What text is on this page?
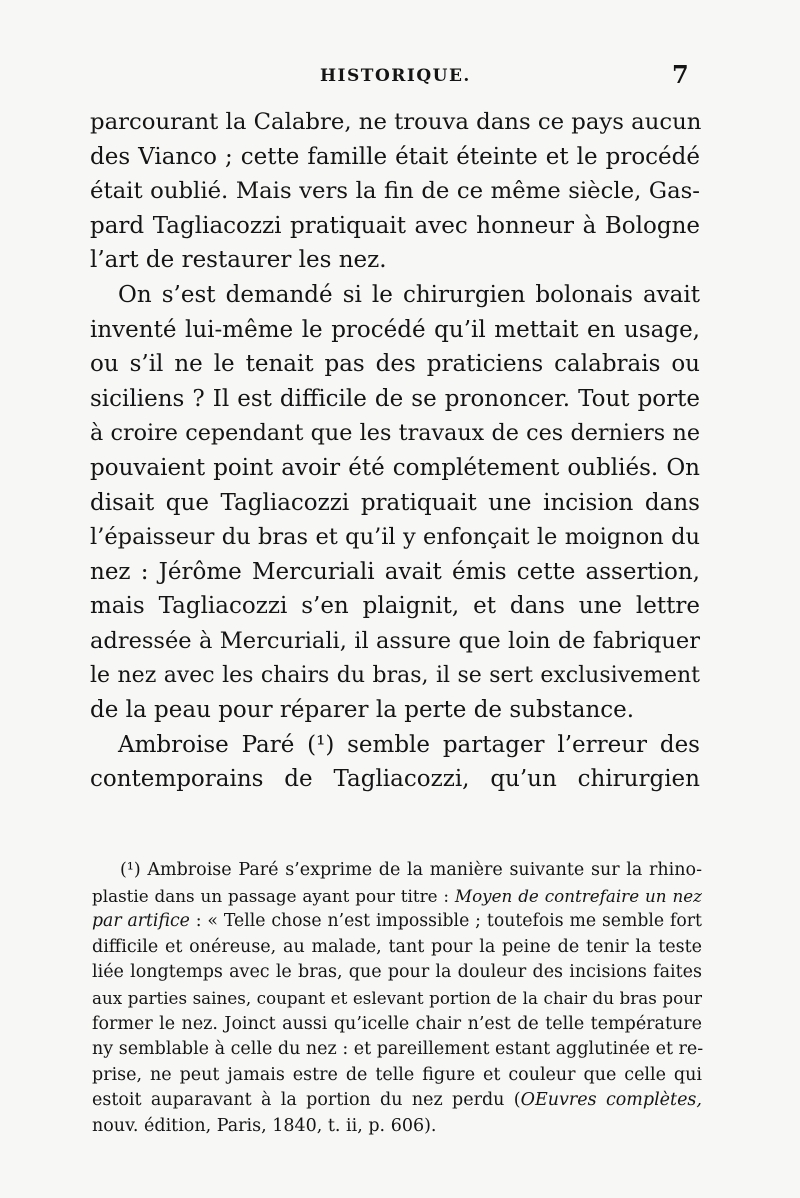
HISTORIQUE.	7
parcourant la Calabre, ne trouva dans ce pays aucun
des Vianco ; cette famille était éteinte et le procédé
était oublié. Mais vers la fin de ce même siècle, Gas-
pard Tagliacozzi pratiquait avec honneur à Bologne
l’art de restaurer les nez.
On s’est demandé si le chirurgien bolonais avait
inventé lui-même le procédé qu’il mettait en usage,
ou s’il ne le tenait pas des praticiens calabrais ou
siciliens ? Il est difficile de se prononcer. Tout porte
à croire cependant que les travaux de ces derniers ne
pouvaient point avoir été complétement oubliés. On
disait que Tagliacozzi pratiquait une incision dans
l’épaisseur du bras et qu’il y enfonçait le moignon du
nez : Jérôme Mercuriali avait émis cette assertion,
mais Tagliacozzi s’en plaignit, et dans une lettre
adressée à Mercuriali, il assure que loin de fabriquer
le nez avec les chairs du bras, il se sert exclusivement
de la peau pour réparer la perte de substance.
Ambroise Paré (¹) semble partager l’erreur des
contemporains de Tagliacozzi, qu’un chirurgien
(¹) Ambroise Paré s’exprime de la manière suivante sur la rhino-
plastie dans un passage ayant pour titre : Moyen de contrefaire un nez
par artifice : « Telle chose n’est impossible ; toutefois me semble fort
difficile et onéreuse, au malade, tant pour la peine de tenir la teste
liée longtemps avec le bras, que pour la douleur des incisions faites
aux parties saines, coupant et eslevant portion de la chair du bras pour
former le nez. Joinct aussi qu’icelle chair n’est de telle température
ny semblable à celle du nez : et pareillement estant agglutinée et re-
prise, ne peut jamais estre de telle figure et couleur que celle qui
estoit auparavant à la portion du nez perdu (OEuvres complètes,
nouv. édition, Paris, 1840, t. ii, p. 606).
